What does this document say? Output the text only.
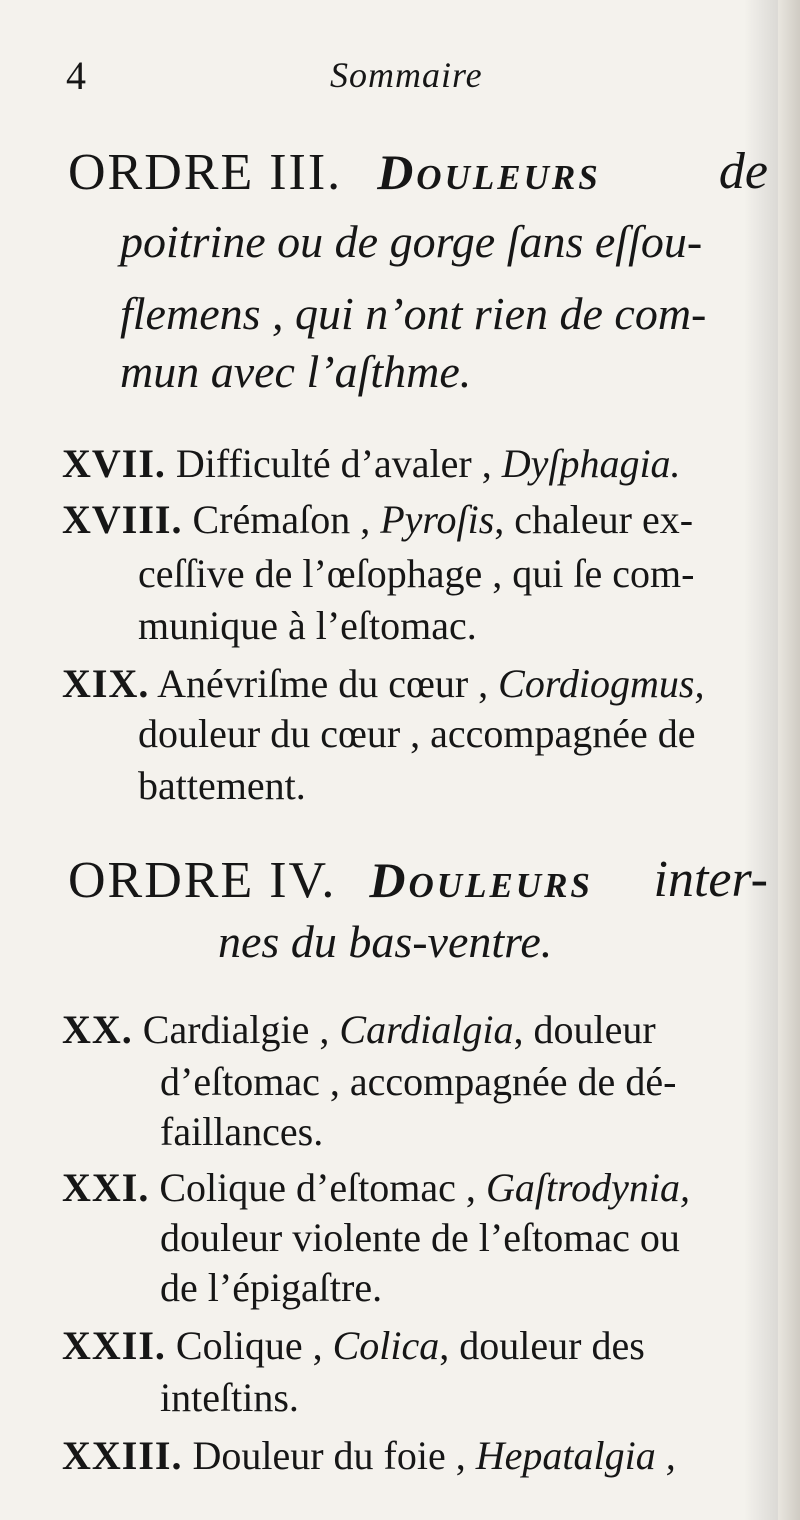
4	Sommaire
ORDRE III. Douleurs de
poitrine ou de gorge ſans eſſou-
flemens , qui n’ont rien de com-
mun avec l’aſthme.
XVII. Difficulté d’avaler , Dyſphagia.
XVIII. Crémaſon , Pyroſis, chaleur ex-
ceſſive de l’œſophage , qui ſe com-
munique à l’eſtomac.
XIX. Anévriſme du cœur , Cordiogmus,
douleur du cœur , accompagnée de
battement.
ORDRE IV. Douleurs inter-
nes du bas-ventre.
XX. Cardialgie , Cardialgia, douleur
d’eſtomac , accompagnée de dé-
faillances.
XXI. Colique d’eſtomac , Gaſtrodynia,
douleur violente de l’eſtomac ou
de l’épigaſtre.
XXII. Colique , Colica, douleur des
inteſtins.
XXIII. Douleur du foie , Hepatalgia ,
